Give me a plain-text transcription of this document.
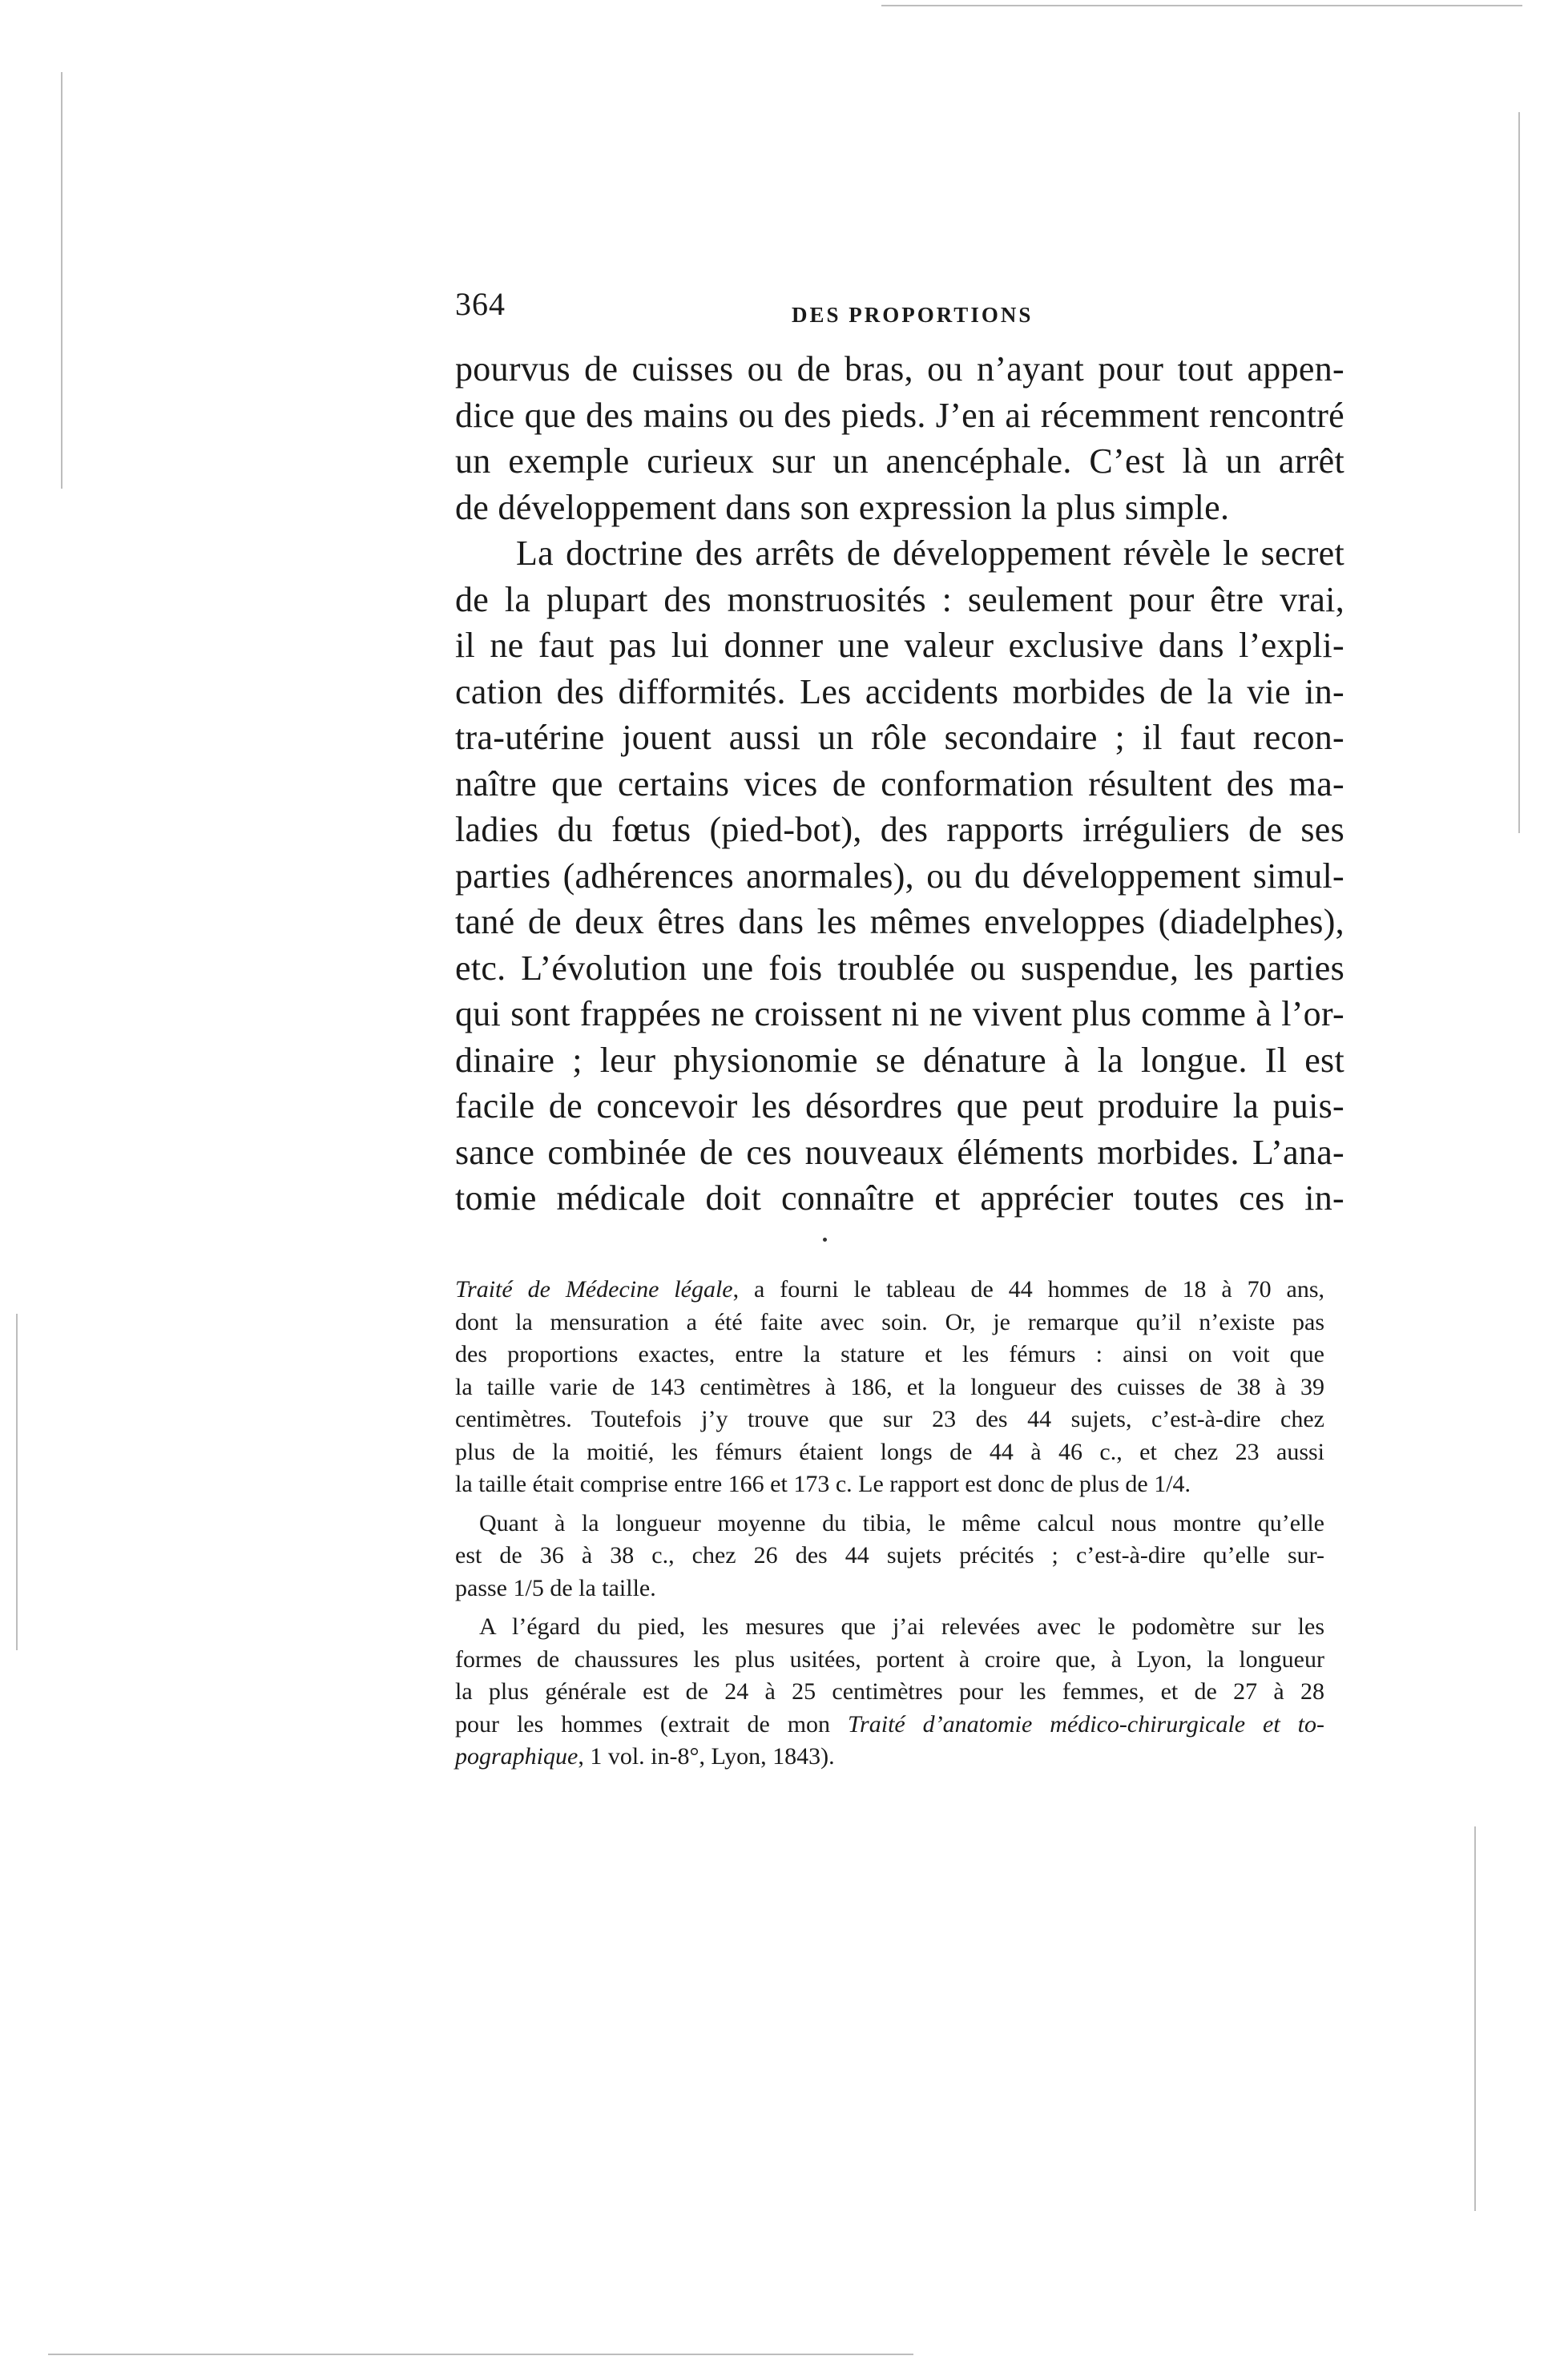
364	DES PROPORTIONS
pourvus de cuisses ou de bras, ou n’ayant pour tout appen-
dice que des mains ou des pieds. J’en ai récemment rencontré
un exemple curieux sur un anencéphale. C’est là un arrêt
de développement dans son expression la plus simple.
La doctrine des arrêts de développement révèle le secret
de la plupart des monstruosités : seulement pour être vrai,
il ne faut pas lui donner une valeur exclusive dans l’expli-
cation des difformités. Les accidents morbides de la vie in-
tra-utérine jouent aussi un rôle secondaire ; il faut recon-
naître que certains vices de conformation résultent des ma-
ladies du fœtus (pied-bot), des rapports irréguliers de ses
parties (adhérences anormales), ou du développement simul-
tané de deux êtres dans les mêmes enveloppes (diadelphes),
etc. L’évolution une fois troublée ou suspendue, les parties
qui sont frappées ne croissent ni ne vivent plus comme à l’or-
dinaire ; leur physionomie se dénature à la longue. Il est
facile de concevoir les désordres que peut produire la puis-
sance combinée de ces nouveaux éléments morbides. L’ana-
tomie médicale doit connaître et apprécier toutes ces in-
Traité de Médecine légale, a fourni le tableau de 44 hommes de 18 à 70 ans,
dont la mensuration a été faite avec soin. Or, je remarque qu’il n’existe pas
des proportions exactes, entre la stature et les fémurs : ainsi on voit que
la taille varie de 143 centimètres à 186, et la longueur des cuisses de 38 à 39
centimètres. Toutefois j’y trouve que sur 23 des 44 sujets, c’est-à-dire chez
plus de la moitié, les fémurs étaient longs de 44 à 46 c., et chez 23 aussi
la taille était comprise entre 166 et 173 c. Le rapport est donc de plus de 1/4.
Quant à la longueur moyenne du tibia, le même calcul nous montre qu’elle
est de 36 à 38 c., chez 26 des 44 sujets précités ; c’est-à-dire qu’elle sur-
passe 1/5 de la taille.
A l’égard du pied, les mesures que j’ai relevées avec le podomètre sur les
formes de chaussures les plus usitées, portent à croire que, à Lyon, la longueur
la plus générale est de 24 à 25 centimètres pour les femmes, et de 27 à 28
pour les hommes (extrait de mon Traité d’anatomie médico-chirurgicale et to-
pographique, 1 vol. in-8°, Lyon, 1843).
